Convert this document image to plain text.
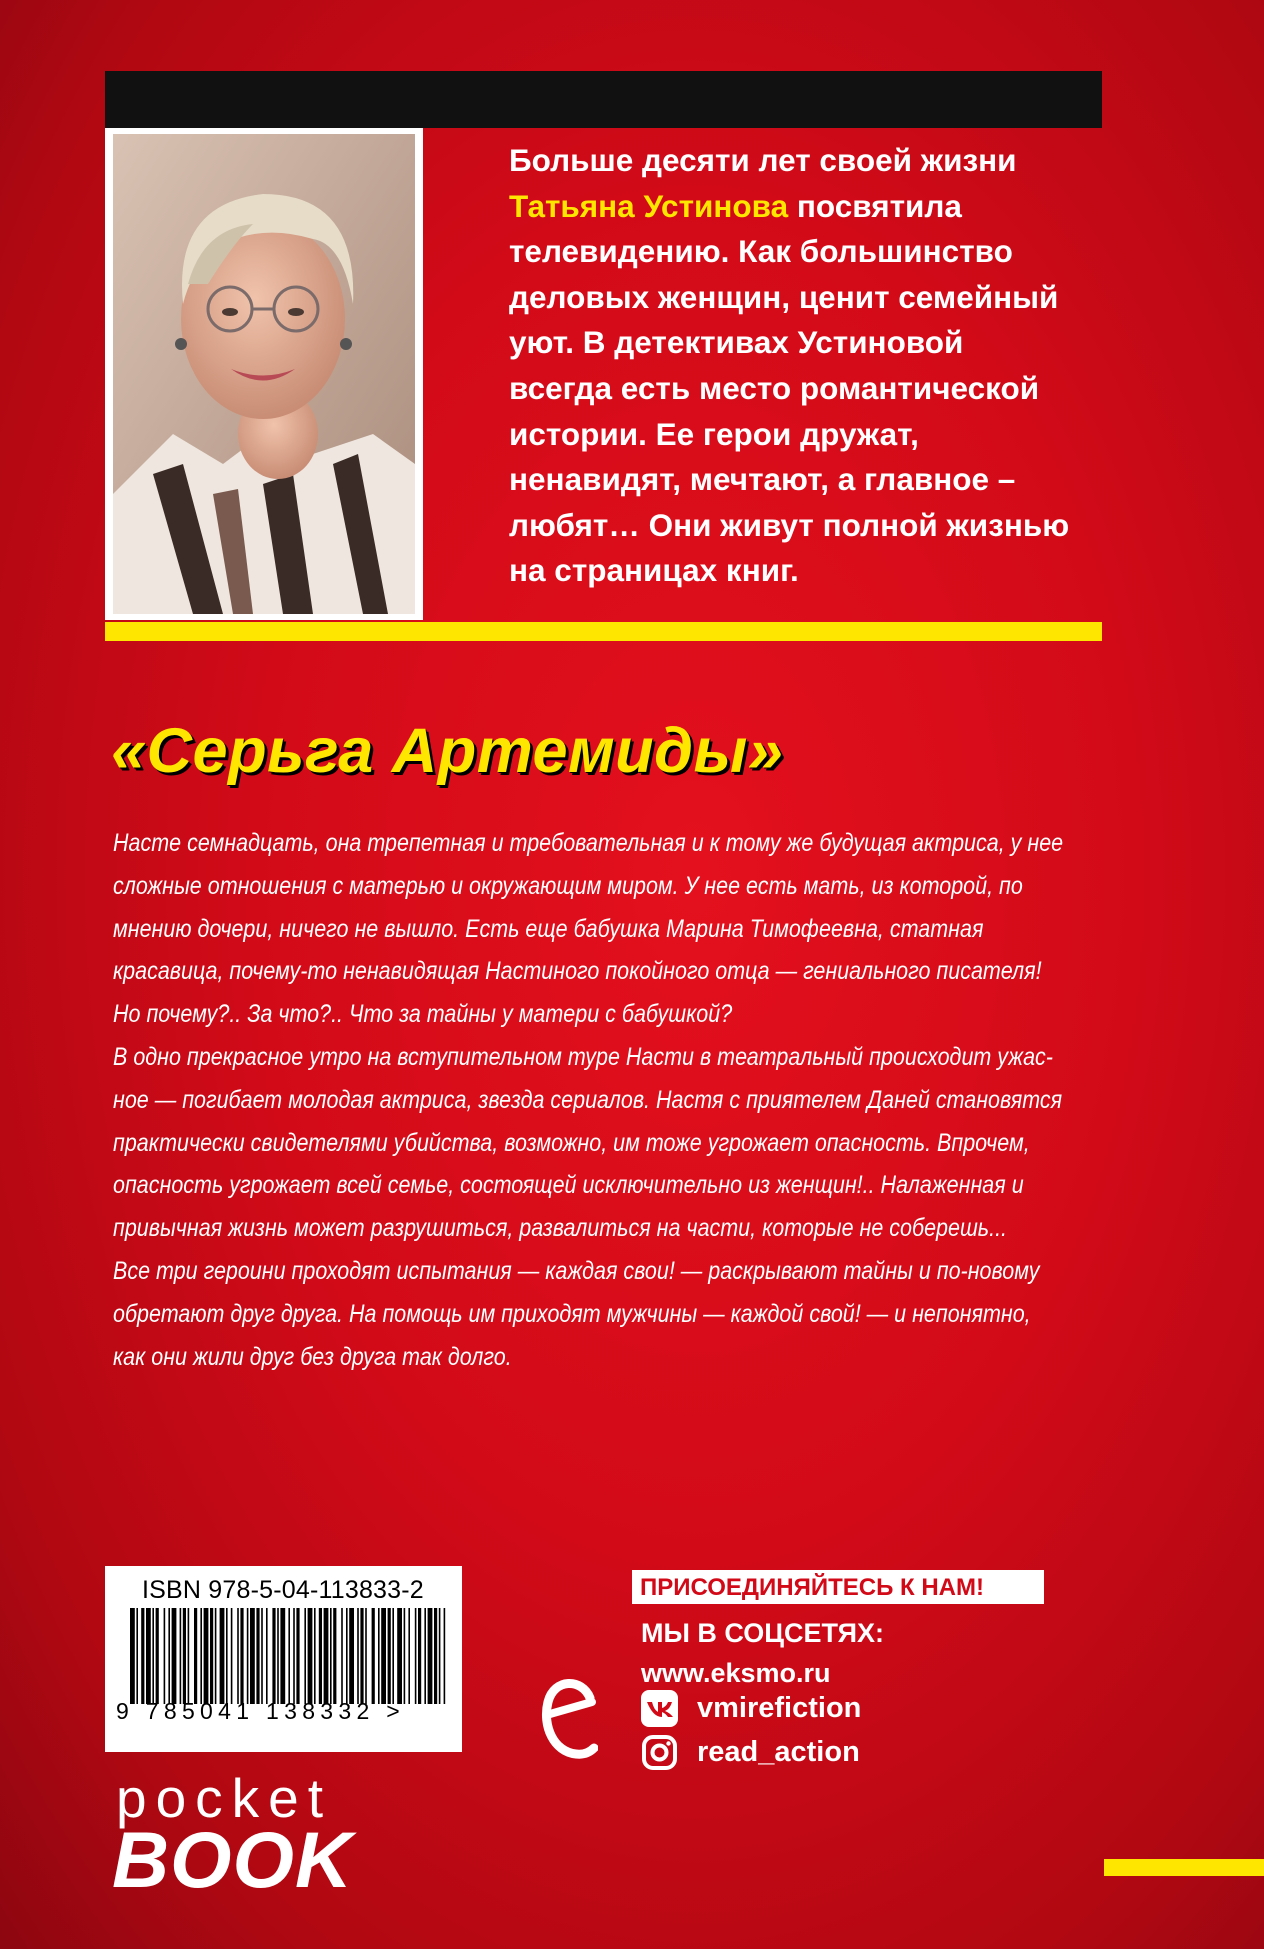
Больше десяти лет своей жизни
Татьяна Устинова посвятила
телевидению. Как большинство
деловых женщин, ценит семейный
уют. В детективах Устиновой
всегда есть место романтической
истории. Ее герои дружат,
ненавидят, мечтают, а главное –
любят… Они живут полной жизнью
на страницах книг.
«Серьга Артемиды»
Насте семнадцать, она трепетная и требовательная и к тому же будущая актриса, у нее
сложные отношения с матерью и окружающим миром. У нее есть мать, из которой, по
мнению дочери, ничего не вышло. Есть еще бабушка Марина Тимофеевна, статная
красавица, почему-то ненавидящая Настиного покойного отца — гениального писателя!
Но почему?.. За что?.. Что за тайны у матери с бабушкой?
В одно прекрасное утро на вступительном туре Насти в театральный происходит ужас-
ное — погибает молодая актриса, звезда сериалов. Настя с приятелем Даней становятся
практически свидетелями убийства, возможно, им тоже угрожает опасность. Впрочем,
опасность угрожает всей семье, состоящей исключительно из женщин!.. Налаженная и
привычная жизнь может разрушиться, развалиться на части, которые не соберешь...
Все три героини проходят испытания — каждая свои! — раскрывают тайны и по-новому
обретают друг друга. На помощь им приходят мужчины — каждой свой! — и непонятно,
как они жили друг без друга так долго.
ISBN 978-5-04-113833-2
9 785041 138332 >
pocket
BOOK
ПРИСОЕДИНЯЙТЕСЬ К НАМ!
МЫ В СОЦСЕТЯХ:
www.eksmo.ru
vmirefiction
read_action
